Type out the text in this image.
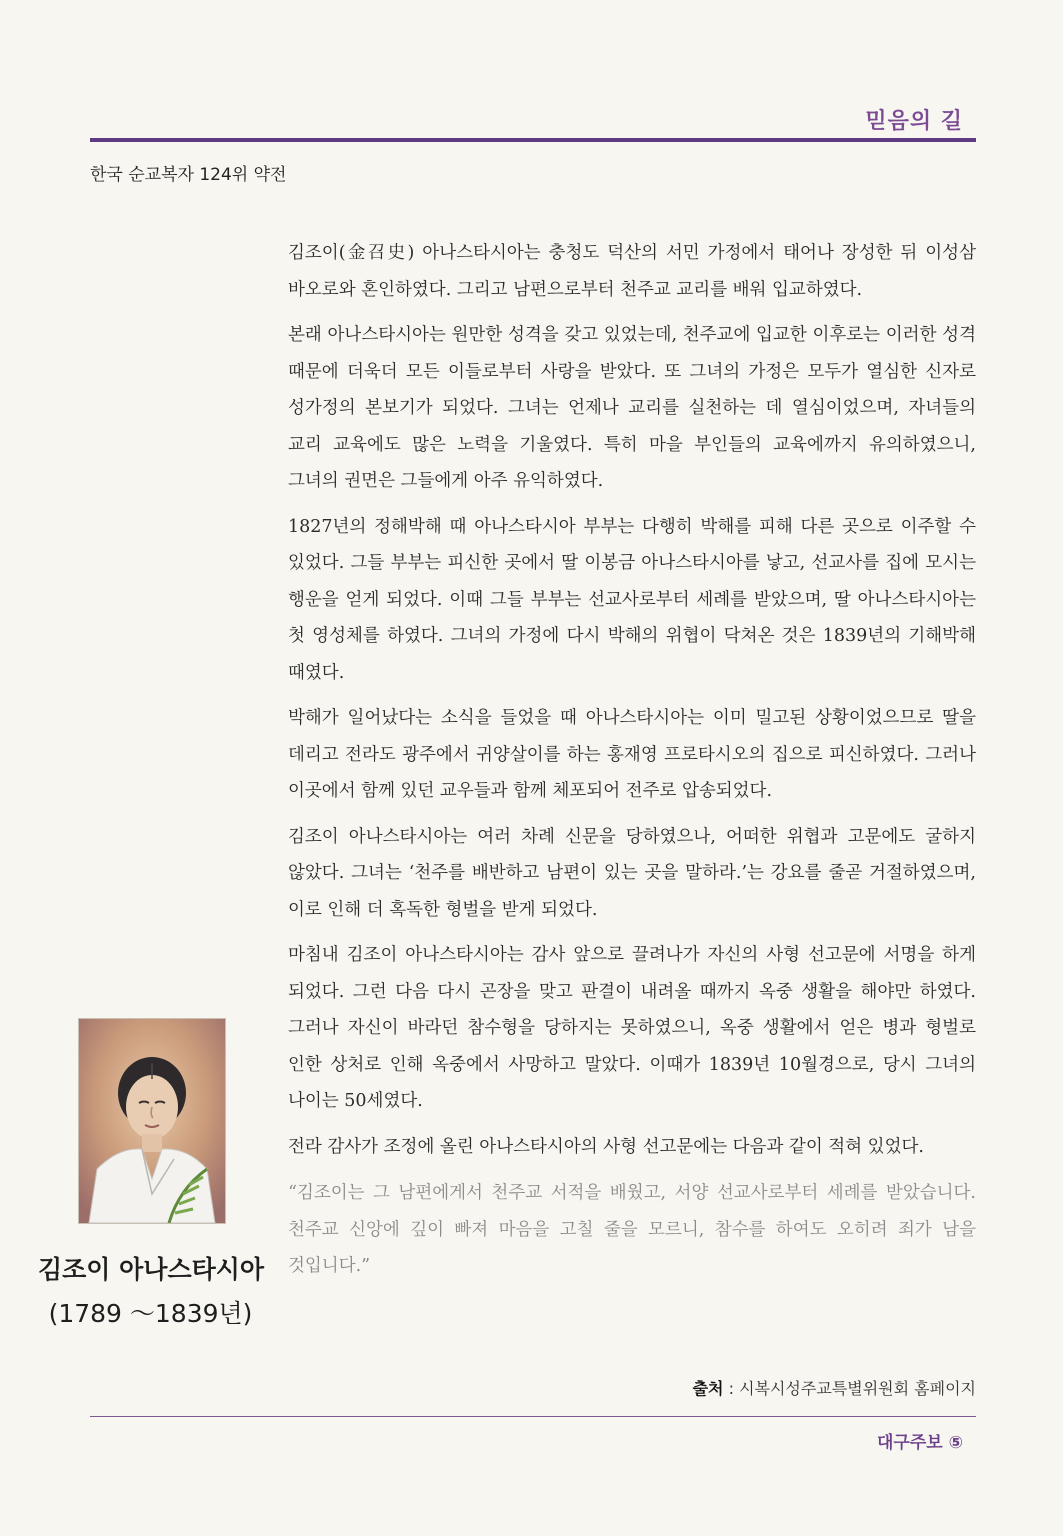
믿음의 길
한국 순교복자 124위 약전

김조이(金召史) 아나스타시아는 충청도 덕산의 서민 가정에서 태어나 장성한 뒤 이성삼 바오로와 혼인하였다. 그리고 남편으로부터 천주교 교리를 배워 입교하였다.

본래 아나스타시아는 원만한 성격을 갖고 있었는데, 천주교에 입교한 이후로는 이러한 성격 때문에 더욱더 모든 이들로부터 사랑을 받았다. 또 그녀의 가정은 모두가 열심한 신자로 성가정의 본보기가 되었다. 그녀는 언제나 교리를 실천하는 데 열심이었으며, 자녀들의 교리 교육에도 많은 노력을 기울였다. 특히 마을 부인들의 교육에까지 유의하였으니, 그녀의 권면은 그들에게 아주 유익하였다.

1827년의 정해박해 때 아나스타시아 부부는 다행히 박해를 피해 다른 곳으로 이주할 수 있었다. 그들 부부는 피신한 곳에서 딸 이봉금 아나스타시아를 낳고, 선교사를 집에 모시는 행운을 얻게 되었다. 이때 그들 부부는 선교사로부터 세례를 받았으며, 딸 아나스타시아는 첫 영성체를 하였다. 그녀의 가정에 다시 박해의 위협이 닥쳐온 것은 1839년의 기해박해 때였다.

박해가 일어났다는 소식을 들었을 때 아나스타시아는 이미 밀고된 상황이었으므로 딸을 데리고 전라도 광주에서 귀양살이를 하는 홍재영 프로타시오의 집으로 피신하였다. 그러나 이곳에서 함께 있던 교우들과 함께 체포되어 전주로 압송되었다.

김조이 아나스타시아는 여러 차례 신문을 당하였으나, 어떠한 위협과 고문에도 굴하지 않았다. 그녀는 ‘천주를 배반하고 남편이 있는 곳을 말하라.’는 강요를 줄곧 거절하였으며, 이로 인해 더 혹독한 형벌을 받게 되었다.

마침내 김조이 아나스타시아는 감사 앞으로 끌려나가 자신의 사형 선고문에 서명을 하게 되었다. 그런 다음 다시 곤장을 맞고 판결이 내려올 때까지 옥중 생활을 해야만 하였다. 그러나 자신이 바라던 참수형을 당하지는 못하였으니, 옥중 생활에서 얻은 병과 형벌로 인한 상처로 인해 옥중에서 사망하고 말았다. 이때가 1839년 10월경으로, 당시 그녀의 나이는 50세였다.

전라 감사가 조정에 올린 아나스타시아의 사형 선고문에는 다음과 같이 적혀 있었다.

“김조이는 그 남편에게서 천주교 서적을 배웠고, 서양 선교사로부터 세례를 받았습니다. 천주교 신앙에 깊이 빠져 마음을 고칠 줄을 모르니, 참수를 하여도 오히려 죄가 남을 것입니다.”

김조이 아나스타시아
(1789 ～1839년)
출처 : 시복시성주교특별위원회 홈페이지
대구주보 ⑤
